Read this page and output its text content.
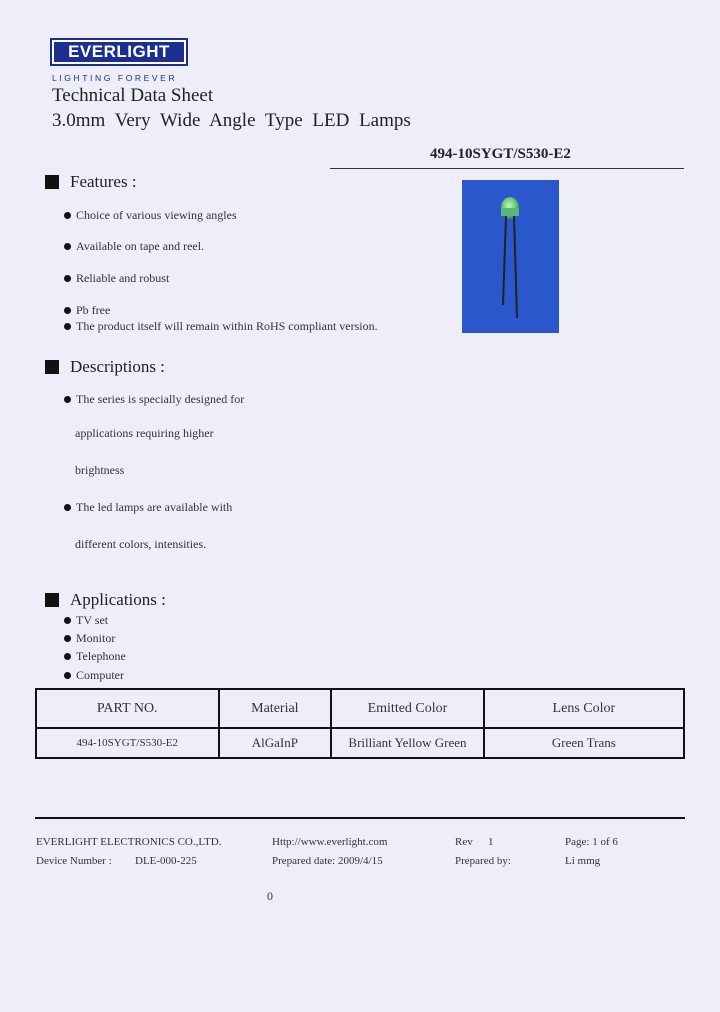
EVERLIGHT
LIGHTING FOREVER
Technical Data Sheet
3.0mm Very Wide Angle Type LED Lamps
494-10SYGT/S530-E2
Features :
Choice of various viewing angles
Available on tape and reel.
Reliable and robust
Pb free
The product itself will remain within RoHS compliant version.
Descriptions :
The series is specially designed for
applications requiring higher
brightness
The led lamps are available with
different colors, intensities.
Applications :
TV set
Monitor
Telephone
Computer
PART NO.	Material	Emitted Color	Lens Color
494-10SYGT/S530-E2	AlGaInP	Brilliant Yellow Green	Green Trans
EVERLIGHT ELECTRONICS CO.,LTD.	Http://www.everlight.com	Rev 1	Page: 1 of 6
Device Number : DLE-000-225	Prepared date: 2009/4/15	Prepared by:	Li mmg
0
